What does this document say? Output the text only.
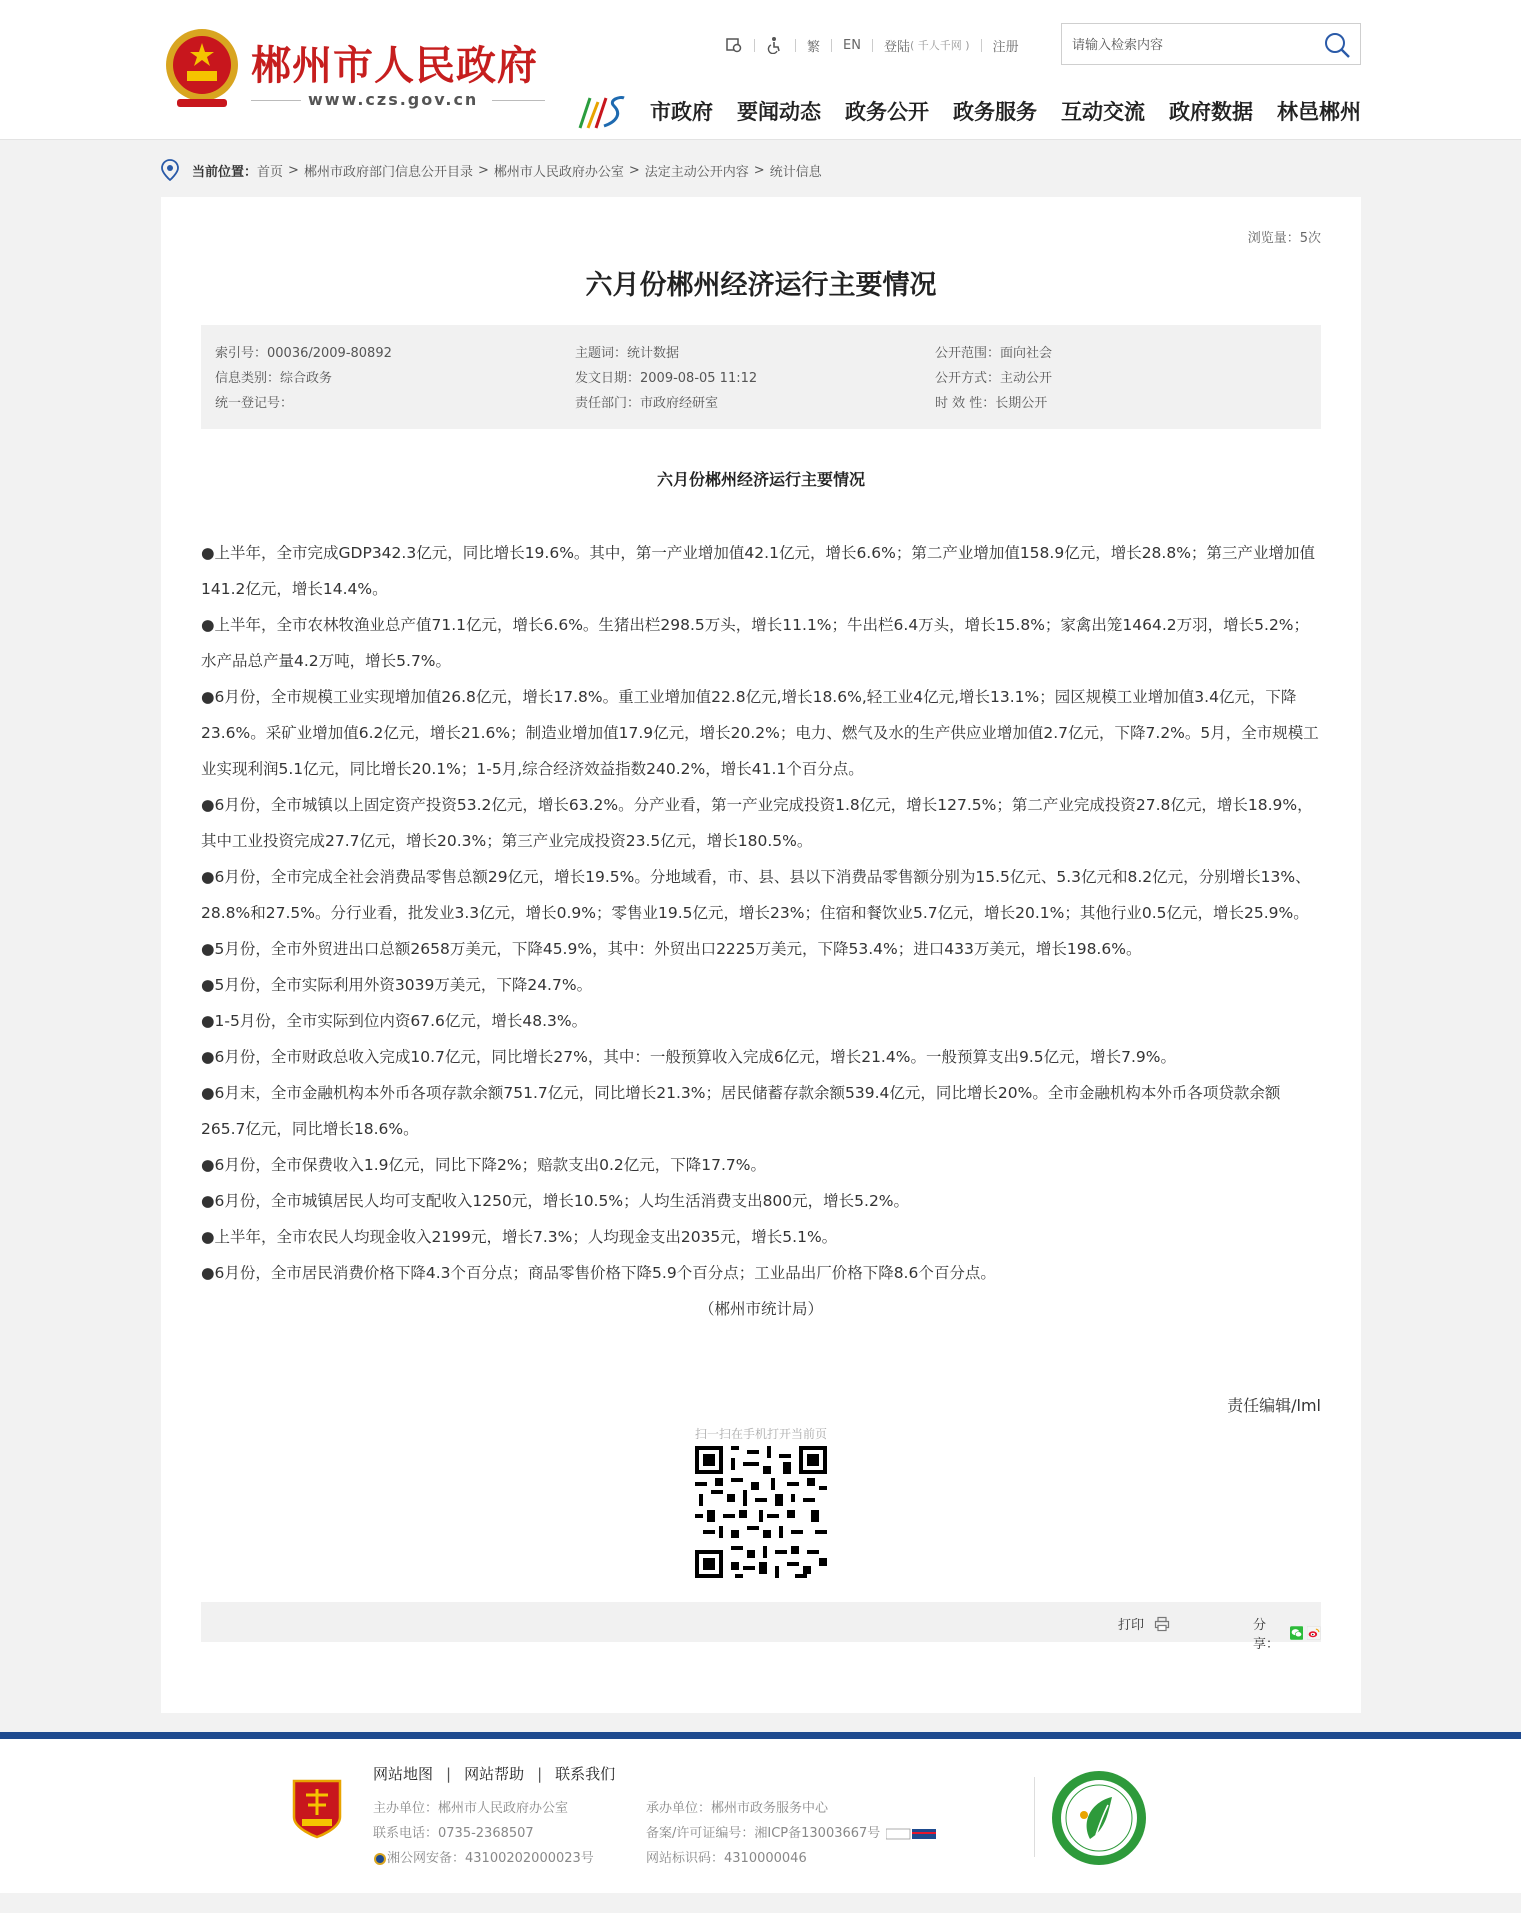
郴州市人民政府
www.czs.gov.cn
繁 EN 登陆 ( 千人千网 ) 注册
请输入检索内容
市政府 要闻动态 政务公开 政务服务 互动交流 政府数据 林邑郴州
当前位置： 首页 > 郴州市政府部门信息公开目录 > 郴州市人民政府办公室 > 法定主动公开内容 > 统计信息
浏览量：5次
六月份郴州经济运行主要情况
索引号：00036/2009-80892	主题词：统计数据	公开范围：面向社会
信息类别：综合政务	发文日期：2009-08-05 11:12	公开方式：主动公开
统一登记号：	责任部门：市政府经研室	时 效 性：长期公开
六月份郴州经济运行主要情况

●上半年，全市完成GDP342.3亿元，同比增长19.6%。其中，第一产业增加值42.1亿元，增长6.6%；第二产业增加值158.9亿元，增长28.8%；第三产业增加值141.2亿元，增长14.4%。

●上半年，全市农林牧渔业总产值71.1亿元，增长6.6%。生猪出栏298.5万头，增长11.1%；牛出栏6.4万头，增长15.8%；家禽出笼1464.2万羽，增长5.2%；水产品总产量4.2万吨，增长5.7%。

●6月份，全市规模工业实现增加值26.8亿元，增长17.8%。重工业增加值22.8亿元,增长18.6%,轻工业4亿元,增长13.1%；园区规模工业增加值3.4亿元，下降23.6%。采矿业增加值6.2亿元，增长21.6%；制造业增加值17.9亿元，增长20.2%；电力、燃气及水的生产供应业增加值2.7亿元，下降7.2%。5月，全市规模工业实现利润5.1亿元，同比增长20.1%；1-5月,综合经济效益指数240.2%，增长41.1个百分点。

●6月份，全市城镇以上固定资产投资53.2亿元，增长63.2%。分产业看，第一产业完成投资1.8亿元，增长127.5%；第二产业完成投资27.8亿元，增长18.9%，其中工业投资完成27.7亿元，增长20.3%；第三产业完成投资23.5亿元，增长180.5%。

●6月份，全市完成全社会消费品零售总额29亿元，增长19.5%。分地域看，市、县、县以下消费品零售额分别为15.5亿元、5.3亿元和8.2亿元，分别增长13%、28.8%和27.5%。分行业看，批发业3.3亿元，增长0.9%；零售业19.5亿元，增长23%；住宿和餐饮业5.7亿元，增长20.1%；其他行业0.5亿元，增长25.9%。

●5月份，全市外贸进出口总额2658万美元，下降45.9%，其中：外贸出口2225万美元，下降53.4%；进口433万美元，增长198.6%。

●5月份，全市实际利用外资3039万美元，下降24.7%。

●1-5月份，全市实际到位内资67.6亿元，增长48.3%。

●6月份，全市财政总收入完成10.7亿元，同比增长27%，其中：一般预算收入完成6亿元，增长21.4%。一般预算支出9.5亿元，增长7.9%。

●6月末，全市金融机构本外币各项存款余额751.7亿元，同比增长21.3%；居民储蓄存款余额539.4亿元，同比增长20%。全市金融机构本外币各项贷款余额265.7亿元，同比增长18.6%。

●6月份，全市保费收入1.9亿元，同比下降2%；赔款支出0.2亿元，下降17.7%。

●6月份，全市城镇居民人均可支配收入1250元，增长10.5%；人均生活消费支出800元，增长5.2%。

●上半年，全市农民人均现金收入2199元，增长7.3%；人均现金支出2035元，增长5.1%。

●6月份，全市居民消费价格下降4.3个百分点；商品零售价格下降5.9个百分点；工业品出厂价格下降8.6个百分点。

（郴州市统计局）

责任编辑/lml
扫一扫在手机打开当前页
打印	分享：
网站地图 | 网站帮助 | 联系我们
主办单位：郴州市人民政府办公室
联系电话：0735-2368507
湘公网安备：43100202000023号
承办单位：郴州市政务服务中心
备案/许可证编号：湘ICP备13003667号
网站标识码：4310000046
